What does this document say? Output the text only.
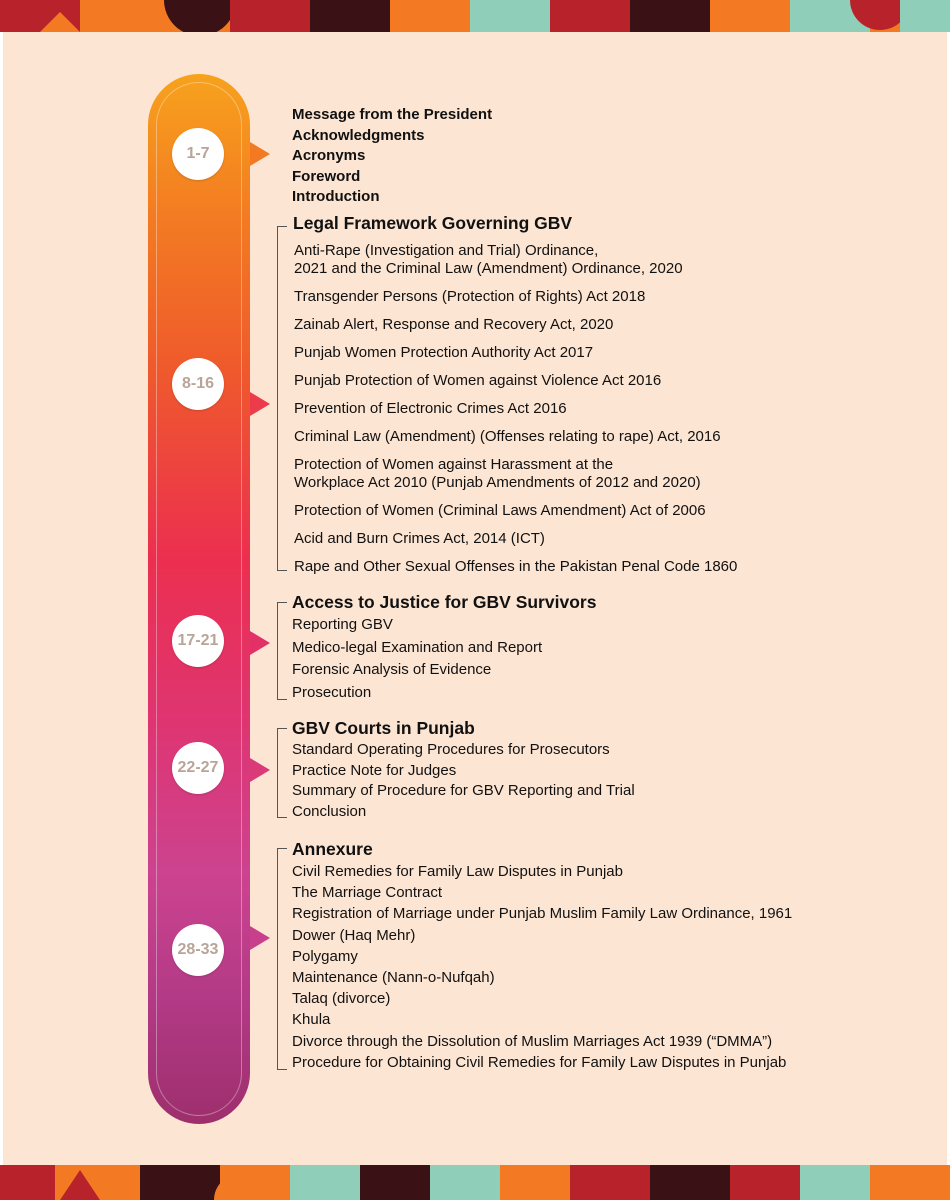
1-7
8-16
17-21
22-27
28-33
Message from the President
Acknowledgments
Acronyms
Foreword
Introduction

Legal Framework Governing GBV

Anti-Rape (Investigation and Trial) Ordinance,
2021 and the Criminal Law (Amendment) Ordinance, 2020
Transgender Persons (Protection of Rights) Act 2018
Zainab Alert, Response and Recovery Act, 2020
Punjab Women Protection Authority Act 2017
Punjab Protection of Women against Violence Act 2016
Prevention of Electronic Crimes Act 2016
Criminal Law (Amendment) (Offenses relating to rape) Act, 2016
Protection of Women against Harassment at the
Workplace Act 2010 (Punjab Amendments of 2012 and 2020)
Protection of Women (Criminal Laws Amendment) Act of 2006
Acid and Burn Crimes Act, 2014 (ICT)
Rape and Other Sexual Offenses in the Pakistan Penal Code 1860

Access to Justice for GBV Survivors

Reporting GBV
Medico-legal Examination and Report
Forensic Analysis of Evidence
Prosecution

GBV Courts in Punjab

Standard Operating Procedures for Prosecutors
Practice Note for Judges
Summary of Procedure for GBV Reporting and Trial
Conclusion

Annexure

Civil Remedies for Family Law Disputes in Punjab
The Marriage Contract
Registration of Marriage under Punjab Muslim Family Law Ordinance, 1961
Dower (Haq Mehr)
Polygamy
Maintenance (Nann-o-Nufqah)
Talaq (divorce)
Khula
Divorce through the Dissolution of Muslim Marriages Act 1939 (“DMMA”)
Procedure for Obtaining Civil Remedies for Family Law Disputes in Punjab
